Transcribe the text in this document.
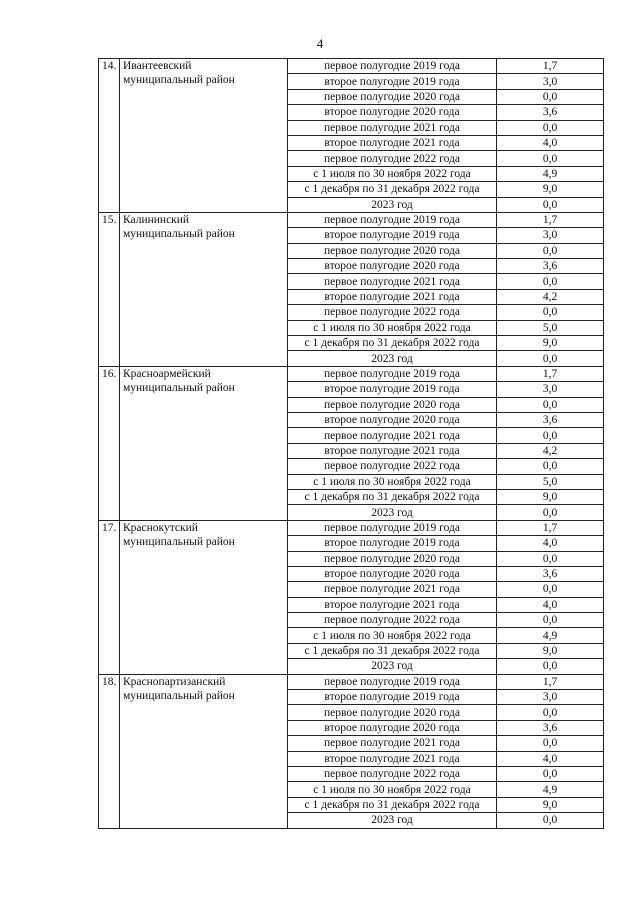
4
14.	Ивантеевский
муниципальный район	первое полугодие 2019 года	1,7
		второе полугодие 2019 года	3,0
		первое полугодие 2020 года	0,0
		второе полугодие 2020 года	3,6
		первое полугодие 2021 года	0,0
		второе полугодие 2021 года	4,0
		первое полугодие 2022 года	0,0
		с 1 июля по 30 ноября 2022 года	4,9
		с 1 декабря по 31 декабря 2022 года	9,0
		2023 год	0,0
15.	Калининский
муниципальный район	первое полугодие 2019 года	1,7
		второе полугодие 2019 года	3,0
		первое полугодие 2020 года	0,0
		второе полугодие 2020 года	3,6
		первое полугодие 2021 года	0,0
		второе полугодие 2021 года	4,2
		первое полугодие 2022 года	0,0
		с 1 июля по 30 ноября 2022 года	5,0
		с 1 декабря по 31 декабря 2022 года	9,0
		2023 год	0,0
16.	Красноармейский
муниципальный район	первое полугодие 2019 года	1,7
		второе полугодие 2019 года	3,0
		первое полугодие 2020 года	0,0
		второе полугодие 2020 года	3,6
		первое полугодие 2021 года	0,0
		второе полугодие 2021 года	4,2
		первое полугодие 2022 года	0,0
		с 1 июля по 30 ноября 2022 года	5,0
		с 1 декабря по 31 декабря 2022 года	9,0
		2023 год	0,0
17.	Краснокутский
муниципальный район	первое полугодие 2019 года	1,7
		второе полугодие 2019 года	4,0
		первое полугодие 2020 года	0,0
		второе полугодие 2020 года	3,6
		первое полугодие 2021 года	0,0
		второе полугодие 2021 года	4,0
		первое полугодие 2022 года	0,0
		с 1 июля по 30 ноября 2022 года	4,9
		с 1 декабря по 31 декабря 2022 года	9,0
		2023 год	0,0
18.	Краснопартизанский
муниципальный район	первое полугодие 2019 года	1,7
		второе полугодие 2019 года	3,0
		первое полугодие 2020 года	0,0
		второе полугодие 2020 года	3,6
		первое полугодие 2021 года	0,0
		второе полугодие 2021 года	4,0
		первое полугодие 2022 года	0,0
		с 1 июля по 30 ноября 2022 года	4,9
		с 1 декабря по 31 декабря 2022 года	9,0
		2023 год	0,0
